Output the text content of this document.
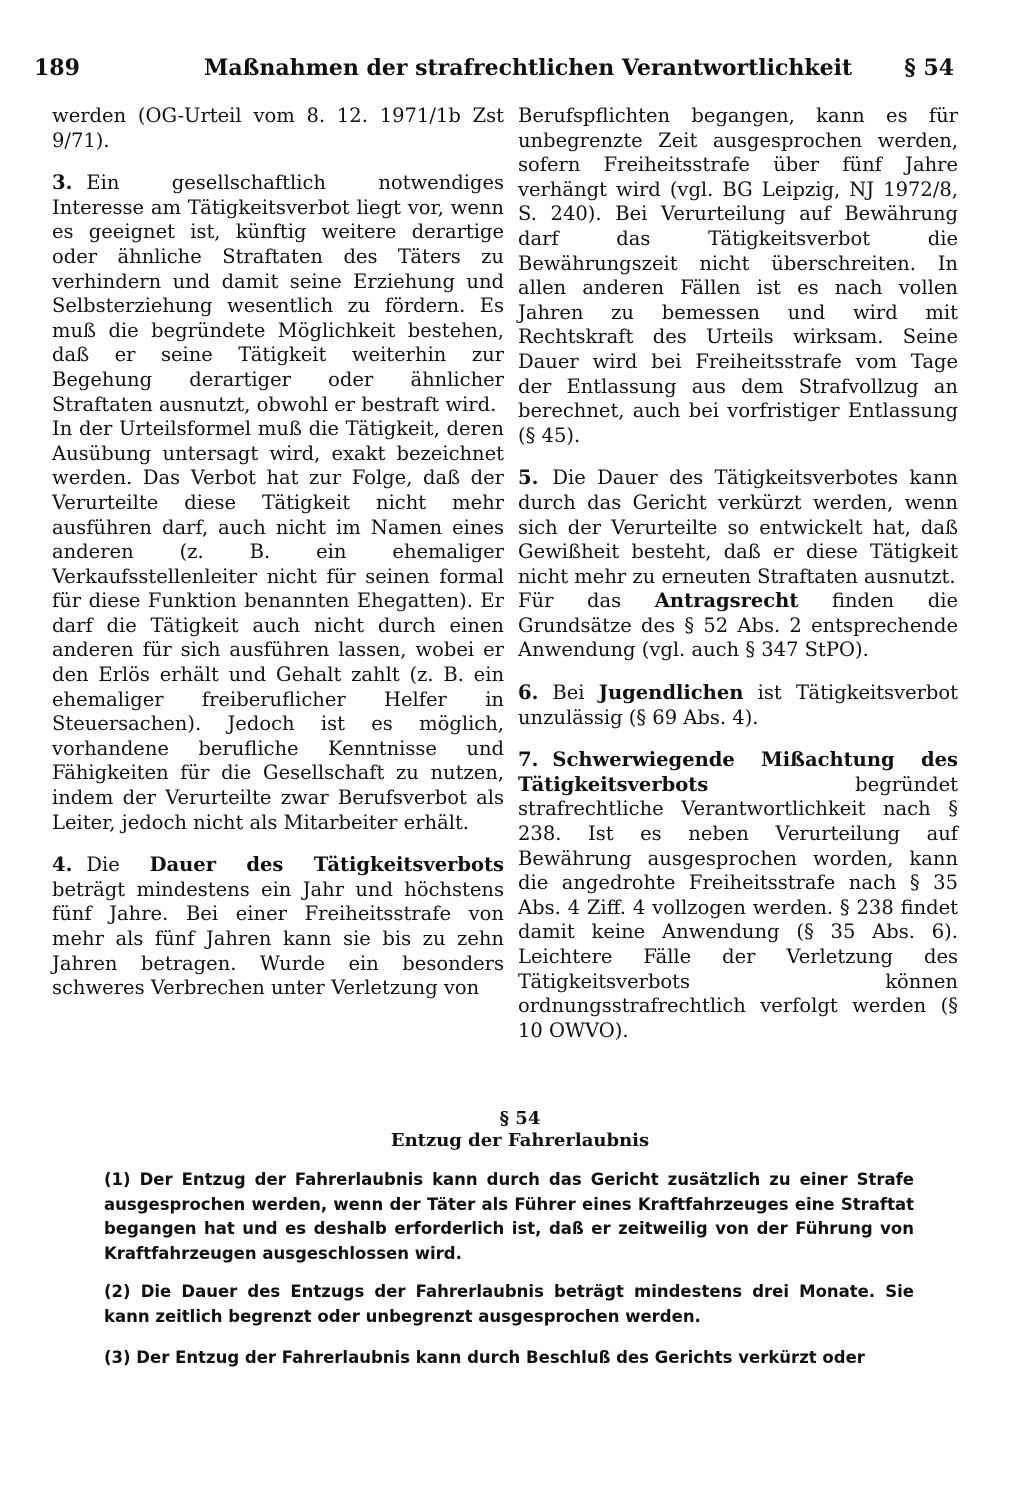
189	Maßnahmen der strafrechtlichen Verantwortlichkeit § 54

werden (OG-Urteil vom 8. 12. 1971/1b Zst 9/71).

3. Ein gesellschaftlich notwendiges Interesse am Tätigkeitsverbot liegt vor, wenn es geeignet ist, künftig weitere derartige oder ähnliche Straftaten des Täters zu verhindern und damit seine Erziehung und Selbsterziehung wesentlich zu fördern. Es muß die begründete Möglichkeit bestehen, daß er seine Tätigkeit weiterhin zur Begehung derartiger oder ähnlicher Straftaten ausnutzt, obwohl er bestraft wird.

In der Urteilsformel muß die Tätigkeit, deren Ausübung untersagt wird, exakt bezeichnet werden. Das Verbot hat zur Folge, daß der Verurteilte diese Tätigkeit nicht mehr ausführen darf, auch nicht im Namen eines anderen (z. B. ein ehemaliger Verkaufsstellenleiter nicht für seinen formal für diese Funktion benannten Ehegatten). Er darf die Tätigkeit auch nicht durch einen anderen für sich ausführen lassen, wobei er den Erlös erhält und Gehalt zahlt (z. B. ein ehemaliger freiberuflicher Helfer in Steuersachen). Jedoch ist es möglich, vorhandene berufliche Kenntnisse und Fähigkeiten für die Gesellschaft zu nutzen, indem der Verurteilte zwar Berufsverbot als Leiter, jedoch nicht als Mitarbeiter erhält.

4. Die Dauer des Tätigkeitsverbots beträgt mindestens ein Jahr und höchstens fünf Jahre. Bei einer Freiheitsstrafe von mehr als fünf Jahren kann sie bis zu zehn Jahren betragen. Wurde ein besonders schweres Verbrechen unter Verletzung von

Berufspflichten begangen, kann es für unbegrenzte Zeit ausgesprochen werden, sofern Freiheitsstrafe über fünf Jahre verhängt wird (vgl. BG Leipzig, NJ 1972/8, S. 240). Bei Verurteilung auf Bewährung darf das Tätigkeitsverbot die Bewährungszeit nicht überschreiten. In allen anderen Fällen ist es nach vollen Jahren zu bemessen und wird mit Rechtskraft des Urteils wirksam. Seine Dauer wird bei Freiheitsstrafe vom Tage der Entlassung aus dem Strafvollzug an berechnet, auch bei vorfristiger Entlassung (§ 45).

5. Die Dauer des Tätigkeitsverbotes kann durch das Gericht verkürzt werden, wenn sich der Verurteilte so entwickelt hat, daß Gewißheit besteht, daß er diese Tätigkeit nicht mehr zu erneuten Straftaten ausnutzt.

Für das Antragsrecht finden die Grundsätze des § 52 Abs. 2 entsprechende Anwendung (vgl. auch § 347 StPO).

6. Bei Jugendlichen ist Tätigkeitsverbot unzulässig (§ 69 Abs. 4).

7. Schwerwiegende Mißachtung des Tätigkeitsverbots begründet strafrechtliche Verantwortlichkeit nach § 238. Ist es neben Verurteilung auf Bewährung ausgesprochen worden, kann die angedrohte Freiheitsstrafe nach § 35 Abs. 4 Ziff. 4 vollzogen werden. § 238 findet damit keine Anwendung (§ 35 Abs. 6). Leichtere Fälle der Verletzung des Tätigkeitsverbots können ordnungsstrafrechtlich verfolgt werden (§ 10 OWVO).

§ 54
Entzug der Fahrerlaubnis

(1) Der Entzug der Fahrerlaubnis kann durch das Gericht zusätzlich zu einer Strafe ausgesprochen werden, wenn der Täter als Führer eines Kraftfahrzeuges eine Straftat begangen hat und es deshalb erforderlich ist, daß er zeitweilig von der Führung von Kraftfahrzeugen ausgeschlossen wird.

(2) Die Dauer des Entzugs der Fahrerlaubnis beträgt mindestens drei Monate. Sie kann zeitlich begrenzt oder unbegrenzt ausgesprochen werden.

(3) Der Entzug der Fahrerlaubnis kann durch Beschluß des Gerichts verkürzt oder
